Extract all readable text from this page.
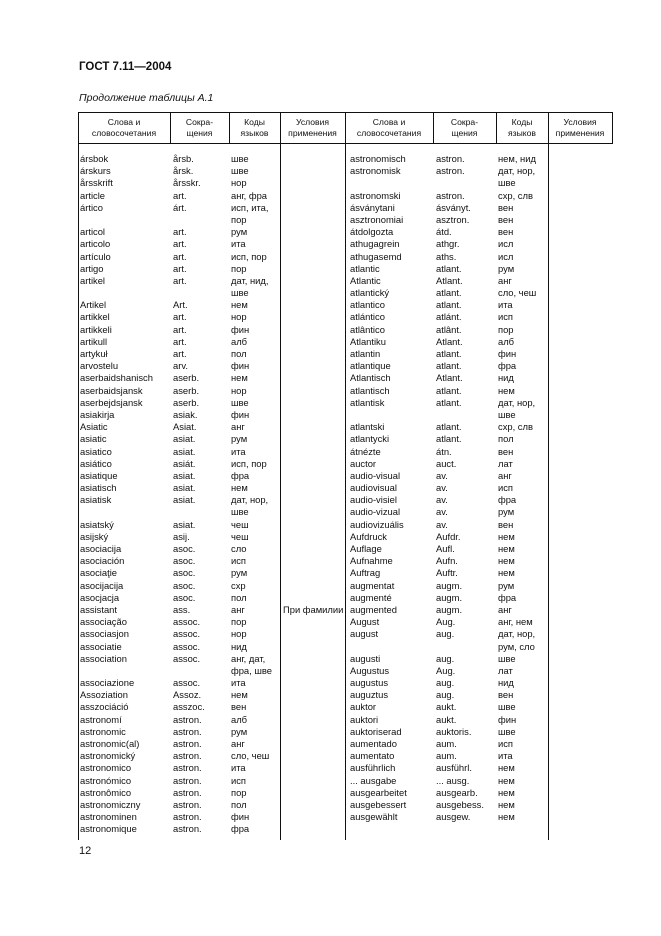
ГОСТ 7.11—2004
Продолжение таблицы А.1
Слова и
словосочетания
Сокра-
щения
Коды
языков
Условия
применения
Слова и
словосочетания
Сокра-
щения
Коды
языков
Условия
применения
ársbok
árskurs
årsskrift
article
ártico
articol
articolo
artículo
artigo
artikel
Artikel
artikkel
artikkeli
artikull
artykuł
arvostelu
aserbaidshanisch
aserbaidsjansk
aserbejdsjansk
asiakirja
Asiatic
asiatic
asiatico
asiático
asiatique
asiatisch
asiatisk
asiatský
asijský
asociacija
asociación
asociaţie
asocijacija
asocjacja
assistant
associação
associasjon
associatie
association
associazione
Assoziation
asszociáció
astronomí
astronomic
astronomic(al)
astronomický
astronomico
astronómico
astronômico
astronomiczny
astronominen
astronomique
årsb.
årsk.
årsskr.
art.
árt.
art.
art.
art.
art.
art.
Art.
art.
art.
art.
art.
arv.
aserb.
aserb.
aserb.
asiak.
Asiat.
asiat.
asiat.
asiát.
asiat.
asiat.
asiat.
asiat.
asij.
asoc.
asoc.
asoc.
asoc.
asoc.
ass.
assoc.
assoc.
assoc.
assoc.
assoc.
Assoz.
asszoc.
astron.
astron.
astron.
astron.
astron.
astron.
astron.
astron.
astron.
astron.
шве
шве
нор
анг, фра
исп, ита,
пор
рум
ита
исп, пор
пор
дат, нид,
шве
нем
нор
фин
алб
пол
фин
нем
нор
шве
фин
анг
рум
ита
исп, пор
фра
нем
дат, нор,
шве
чеш
чеш
сло
исп
рум
схр
пол
анг
пор
нор
нид
анг, дат,
фра, шве
ита
нем
вен
алб
рум
анг
сло, чеш
ита
исп
пор
пол
фин
фра
При фамилии
astronomisch
astronomisk
astronomski
ásványtani
asztronomiai
átdolgozta
athugagrein
athugasemd
atlantic
Atlantic
atlantický
atlantico
atlántico
atlântico
Atlantiku
atlantin
atlantique
Atlantisch
atlantisch
atlantisk
atlantski
atlantycki
átnézte
auctor
audio-visual
audiovisual
audio-visiel
audio-vizual
audiovizuális
Aufdruck
Auflage
Aufnahme
Auftrag
augmentat
augmenté
augmented
August
august
augusti
Augustus
augustus
auguztus
auktor
auktori
auktoriserad
aumentado
aumentato
ausführlich
... ausgabe
ausgearbeitet
ausgebessert
ausgewählt
astron.
astron.
astron.
ásványt.
asztron.
átd.
athgr.
aths.
atlant.
Atlant.
atlant.
atlant.
atlánt.
atlânt.
Atlant.
atlant.
atlant.
Atlant.
atlant.
atlant.
atlant.
atlant.
átn.
auct.
av.
av.
av.
av.
av.
Aufdr.
Aufl.
Aufn.
Auftr.
augm.
augm.
augm.
Aug.
aug.
aug.
Aug.
aug.
aug.
aukt.
aukt.
auktoris.
aum.
aum.
ausführl.
... ausg.
ausgearb.
ausgebess.
ausgew.
нем, нид
дат, нор,
шве
схр, слв
вен
вен
вен
исл
исл
рум
анг
сло, чеш
ита
исп
пор
алб
фин
фра
нид
нем
дат, нор,
шве
схр, слв
пол
вен
лат
анг
исп
фра
рум
вен
нем
нем
нем
нем
рум
фра
анг
анг, нем
дат, нор,
рум, сло
шве
лат
нид
вен
шве
фин
шве
исп
ита
нем
нем
нем
нем
нем
12
